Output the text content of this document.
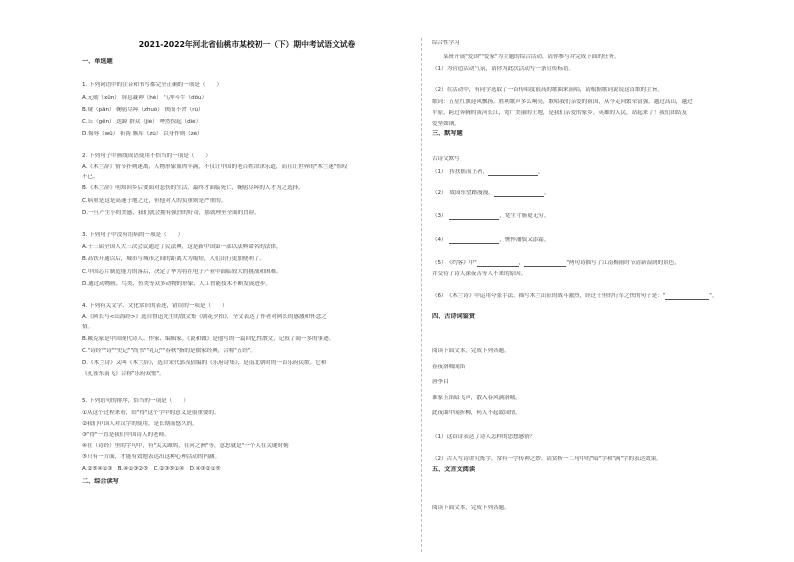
2021-2022年河北省仙桃市某校初一（下）期中考试语文试卷
一、单选题
1. 下列词语中的注音和书写都完全正确的一项是（　　）
A.元勋（xūn） 屏息凝神（hé） 气冲斗牛（dǒu）
B.窥（pān） 鞠躬尽瘁（zhuó） 锲而不舍（rù）
C.丘（gēn） 迭踔 群众（jié） 哗然惊起（dié）
D.侮辱（wū） 祈祷 嫉库（zú） 以身作则（zé）
2. 下列句子中画线成语使用不恰当的一项是（　　）
A.《木兰辞》情节扑朔迷离，人物形象血肉丰满，不仅让中国的老百姓津津乐道，而且让世界的"木兰迷"惊叹
不已。
B.《木兰辞》明知回乡后要面对悲伤的生活，最终才面临死亡，鞠躬尽瘁的人才为之选择。
C.病重是这是高速于地之迁，但他对人的负重则是严重的。
D.一旦产生小的美感，我们就会拥有强烈的好奇，那就理至全面的冒险。
3. 下列句子中没有语病的一项是（　　）
A.十三届全国人大三次会议通过了民法典，这是新中国第一部以法典命名的法律。
B.高铁开通以后，城市与城市之间的距离大为缩短，人们出行更加便利了。
C.中国芯片制造能力的落后，决定了华为将在电子产业中面临较大的挑战和困难。
D.通过动物画、鸟类、鱼类等众多动物的形象，人工智能技术不断发展进步。
4. 下列有关文学、文化常识的表述，错误的一项是（　　）
A.《阿长与<山海经>》选自鲁迅先生的散文集《朝花夕拾》，全文表达了作者对阿长的感激和怀念之
情。
B.臧克家是中国现代诗人、作家、编辑家。《说和做》是他写的一篇回忆性散文，记叙了闻一多的事迹。
C."诗经""诗""史记""尚书""礼记""春秋"指的是儒家经典，合称"五经"。
D.《木兰诗》又叫《木兰辞》，选自宋代郭茂倩编的《乐府诗集》，是南北朝时的一首乐府民歌。它和
《孔雀东南飞》合称"乐府双璧"。
5. 下列语句的排序，恰当的一项是（　　）
①从这个过程来看，给"得"这个字中的意义是很重要的。
②我们中国人对汉字的使用，是长期而悠久的。
③"得"一直是我们中国诗人的老师。
④在（诗经）里的字句中，有"关关雎鸠，在河之洲"等，意思就是"一个人在关键时刻
⑤只有一方面，才能有效地表达出这种心理活动的内涵。
A.②⑤④①③　B.④①③②⑤　C.②③⑤①④　D.④③②①⑤
二、综合读写
综合性学习
　　某班开展"爱国""爱家"为主题的综合活动，请你参与并完成下面的任务。
（1）为营造活动气氛，请你为此次活动写一条宣传标语。
（2）在活动中，有同学选取了一首传唱度很高的歌曲来演唱，请根据歌词说说这首歌的主旨。
歌词：五星红旗迎风飘扬，胜利歌声多么响亮，歌唱我们亲爱的祖国，从今走向繁荣富强。越过高山，越过
平原，跨过奔腾的黄河长江，宽广美丽的土地，是我们亲爱的家乡。英雄的人民，站起来了！我们团结友
爱坚如钢。
三、默写题
古诗文默写
（1）　抟扶摇而上者，	。
（2）　故园东望路漫漫，	。
（3）　	，宽生寸肠更无穷。
（4）　	，憔悴潘鬓又添霜。
（5）　《约客》中"	，	"两句诗描写了江南梅雨时节清新湿润的景色，
并交待了诗人深夜苦等人不来的原因。
（6）　《木兰诗》中运用夸张手法，描写木兰出征的战斗激烈，经过千里的行军之快的句子是："	"。
四、古诗词鉴赏
阅读下面文本，完成下列各题。
春夜洛城闻笛
唐李白
谁家玉笛暗飞声，散入春风满洛城。
此夜曲中闻折柳，何人不起故园情。
（1）这首诗表达了诗人怎样的思想感情？
（2）古人写诗讲究炼字，常有一字传神之妙。请赏析一二句中的"暗"字和"满"字的表达效果。
五、文言文阅读
阅读下面文本，完成下列各题。
